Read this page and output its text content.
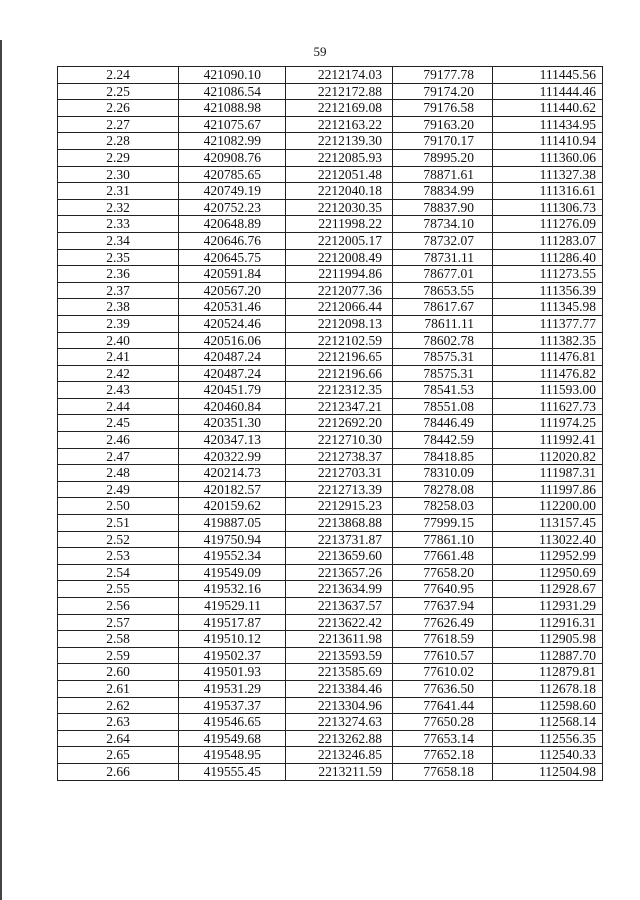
59
2.24	421090.10	2212174.03	79177.78	111445.56
2.25	421086.54	2212172.88	79174.20	111444.46
2.26	421088.98	2212169.08	79176.58	111440.62
2.27	421075.67	2212163.22	79163.20	111434.95
2.28	421082.99	2212139.30	79170.17	111410.94
2.29	420908.76	2212085.93	78995.20	111360.06
2.30	420785.65	2212051.48	78871.61	111327.38
2.31	420749.19	2212040.18	78834.99	111316.61
2.32	420752.23	2212030.35	78837.90	111306.73
2.33	420648.89	2211998.22	78734.10	111276.09
2.34	420646.76	2212005.17	78732.07	111283.07
2.35	420645.75	2212008.49	78731.11	111286.40
2.36	420591.84	2211994.86	78677.01	111273.55
2.37	420567.20	2212077.36	78653.55	111356.39
2.38	420531.46	2212066.44	78617.67	111345.98
2.39	420524.46	2212098.13	78611.11	111377.77
2.40	420516.06	2212102.59	78602.78	111382.35
2.41	420487.24	2212196.65	78575.31	111476.81
2.42	420487.24	2212196.66	78575.31	111476.82
2.43	420451.79	2212312.35	78541.53	111593.00
2.44	420460.84	2212347.21	78551.08	111627.73
2.45	420351.30	2212692.20	78446.49	111974.25
2.46	420347.13	2212710.30	78442.59	111992.41
2.47	420322.99	2212738.37	78418.85	112020.82
2.48	420214.73	2212703.31	78310.09	111987.31
2.49	420182.57	2212713.39	78278.08	111997.86
2.50	420159.62	2212915.23	78258.03	112200.00
2.51	419887.05	2213868.88	77999.15	113157.45
2.52	419750.94	2213731.87	77861.10	113022.40
2.53	419552.34	2213659.60	77661.48	112952.99
2.54	419549.09	2213657.26	77658.20	112950.69
2.55	419532.16	2213634.99	77640.95	112928.67
2.56	419529.11	2213637.57	77637.94	112931.29
2.57	419517.87	2213622.42	77626.49	112916.31
2.58	419510.12	2213611.98	77618.59	112905.98
2.59	419502.37	2213593.59	77610.57	112887.70
2.60	419501.93	2213585.69	77610.02	112879.81
2.61	419531.29	2213384.46	77636.50	112678.18
2.62	419537.37	2213304.96	77641.44	112598.60
2.63	419546.65	2213274.63	77650.28	112568.14
2.64	419549.68	2213262.88	77653.14	112556.35
2.65	419548.95	2213246.85	77652.18	112540.33
2.66	419555.45	2213211.59	77658.18	112504.98
